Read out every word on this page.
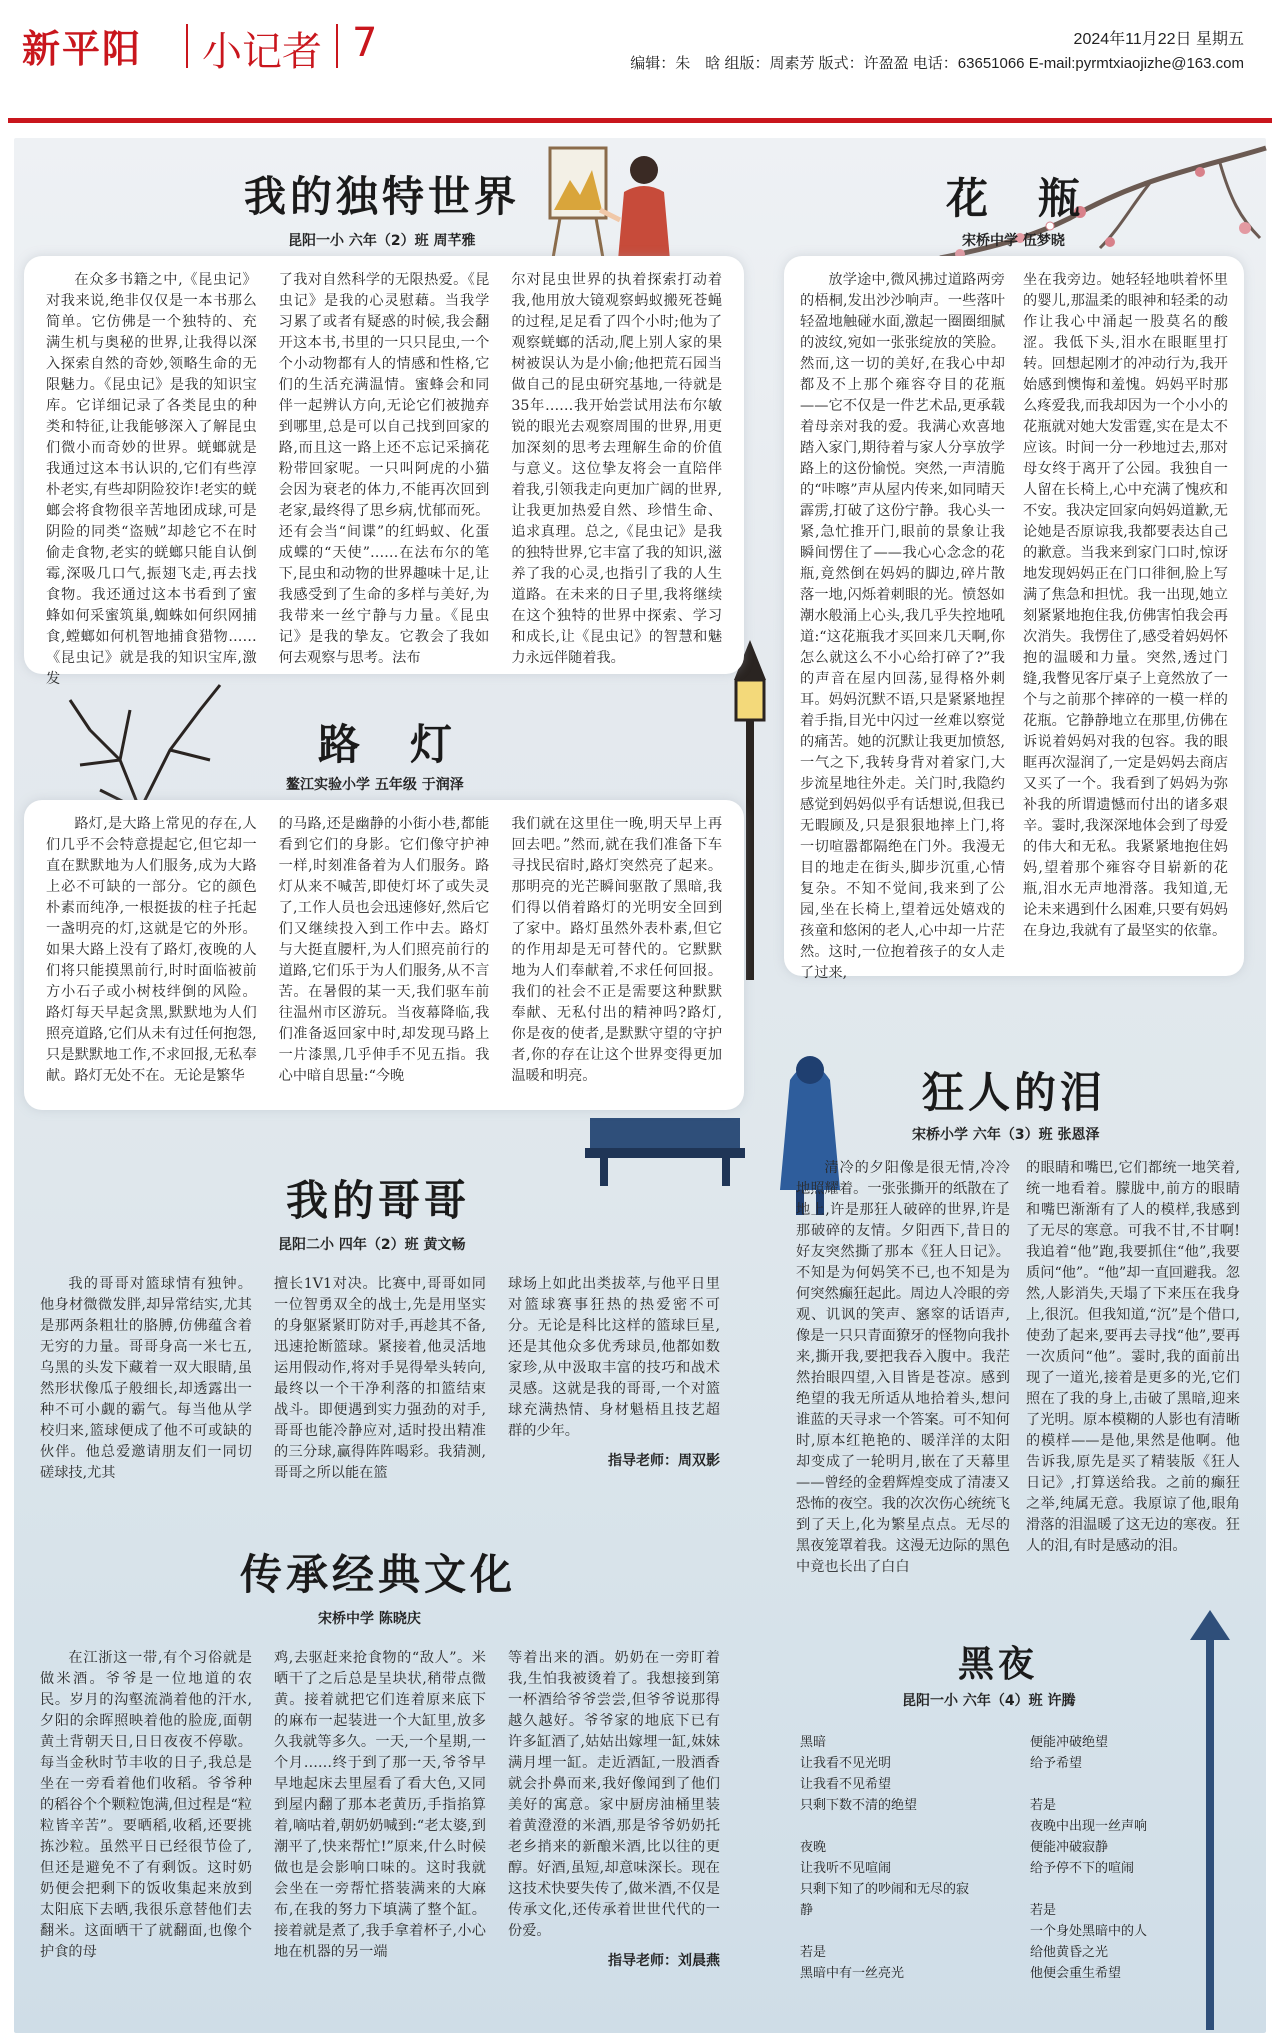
新平阳 小记者 7	2024年11月22日 星期五
编辑：朱　晗 组版：周素芳 版式：许盈盈 电话：63651066 E-mail:pyrmtxiaojizhe@163.com
我的独特世界
昆阳一小 六年（2）班 周芊雅
在众多书籍之中,《昆虫记》对我来说,绝非仅仅是一本书那么简单。它仿佛是一个独特的、充满生机与奥秘的世界,让我得以深入探索自然的奇妙,领略生命的无限魅力。《昆虫记》是我的知识宝库。它详细记录了各类昆虫的种类和特征,让我能够深入了解昆虫们微小而奇妙的世界。蜣螂就是我通过这本书认识的,它们有些淳朴老实,有些却阴险狡诈!老实的蜣螂会将食物很辛苦地团成球,可是阴险的同类“盗贼”却趁它不在时偷走食物,老实的蜣螂只能自认倒霉,深吸几口气,振翅飞走,再去找食物。我还通过这本书看到了蜜蜂如何采蜜筑巢,蜘蛛如何织网捕食,螳螂如何机智地捕食猎物……《昆虫记》就是我的知识宝库,激发
了我对自然科学的无限热爱。《昆虫记》是我的心灵慰藉。当我学习累了或者有疑惑的时候,我会翻开这本书,书里的一只只昆虫,一个个小动物都有人的情感和性格,它们的生活充满温情。蜜蜂会和同伴一起辨认方向,无论它们被抛弃到哪里,总是可以自己找到回家的路,而且这一路上还不忘记采摘花粉带回家呢。一只叫阿虎的小猫会因为衰老的体力,不能再次回到老家,最终得了思乡病,忧郁而死。还有会当“间谍”的红蚂蚁、化蛋成蝶的“天使”……在法布尔的笔下,昆虫和动物的世界趣味十足,让我感受到了生命的多样与美好,为我带来一丝宁静与力量。《昆虫记》是我的挚友。它教会了我如何去观察与思考。法布
尔对昆虫世界的执着探索打动着我,他用放大镜观察蚂蚁搬死苍蝇的过程,足足看了四个小时;他为了观察蜣螂的活动,爬上别人家的果树被误认为是小偷;他把荒石园当做自己的昆虫研究基地,一待就是35年……我开始尝试用法布尔敏锐的眼光去观察周围的世界,用更加深刻的思考去理解生命的价值与意义。这位挚友将会一直陪伴着我,引领我走向更加广阔的世界,让我更加热爱自然、珍惜生命、追求真理。总之,《昆虫记》是我的独特世界,它丰富了我的知识,滋养了我的心灵,也指引了我的人生道路。在未来的日子里,我将继续在这个独特的世界中探索、学习和成长,让《昆虫记》的智慧和魅力永远伴随着我。
花　瓶
宋桥中学 伍梦晓
放学途中,微风拂过道路两旁的梧桐,发出沙沙响声。一些落叶轻盈地触碰水面,激起一圈圈细腻的波纹,宛如一张张绽放的笑脸。然而,这一切的美好,在我心中却都及不上那个雍容夺目的花瓶——它不仅是一件艺术品,更承载着母亲对我的爱。我满心欢喜地踏入家门,期待着与家人分享放学路上的这份愉悦。突然,一声清脆的“咔嚓”声从屋内传来,如同晴天霹雳,打破了这份宁静。我心头一紧,急忙推开门,眼前的景象让我瞬间愣住了——我心心念念的花瓶,竟然倒在妈妈的脚边,碎片散落一地,闪烁着刺眼的光。愤怒如潮水般涌上心头,我几乎失控地吼道:“这花瓶我才买回来几天啊,你怎么就这么不小心给打碎了?”我的声音在屋内回荡,显得格外刺耳。妈妈沉默不语,只是紧紧地捏着手指,目光中闪过一丝难以察觉的痛苦。她的沉默让我更加愤怒,一气之下,我转身背对着家门,大步流星地往外走。关门时,我隐约感觉到妈妈似乎有话想说,但我已无暇顾及,只是狠狠地摔上门,将一切喧嚣都隔绝在门外。我漫无目的地走在街头,脚步沉重,心情复杂。不知不觉间,我来到了公园,坐在长椅上,望着远处嬉戏的孩童和悠闲的老人,心中却一片茫然。这时,一位抱着孩子的女人走了过来,
坐在我旁边。她轻轻地哄着怀里的婴儿,那温柔的眼神和轻柔的动作让我心中涌起一股莫名的酸涩。我低下头,泪水在眼眶里打转。回想起刚才的冲动行为,我开始感到懊悔和羞愧。妈妈平时那么疼爱我,而我却因为一个小小的花瓶就对她大发雷霆,实在是太不应该。时间一分一秒地过去,那对母女终于离开了公园。我独自一人留在长椅上,心中充满了愧疚和不安。我决定回家向妈妈道歉,无论她是否原谅我,我都要表达自己的歉意。当我来到家门口时,惊讶地发现妈妈正在门口徘徊,脸上写满了焦急和担忧。我一出现,她立刻紧紧地抱住我,仿佛害怕我会再次消失。我愣住了,感受着妈妈怀抱的温暖和力量。突然,透过门缝,我瞥见客厅桌子上竟然放了一个与之前那个摔碎的一模一样的花瓶。它静静地立在那里,仿佛在诉说着妈妈对我的包容。我的眼眶再次湿润了,一定是妈妈去商店又买了一个。我看到了妈妈为弥补我的所谓遗憾而付出的诸多艰辛。霎时,我深深地体会到了母爱的伟大和无私。我紧紧地抱住妈妈,望着那个雍容夺目崭新的花瓶,泪水无声地滑落。我知道,无论未来遇到什么困难,只要有妈妈在身边,我就有了最坚实的依靠。
路　灯
鳌江实验小学 五年级 于润泽
路灯,是大路上常见的存在,人们几乎不会特意提起它,但它却一直在默默地为人们服务,成为大路上必不可缺的一部分。它的颜色朴素而纯净,一根挺拔的柱子托起一盏明亮的灯,这就是它的外形。如果大路上没有了路灯,夜晚的人们将只能摸黑前行,时时面临被前方小石子或小树枝绊倒的风险。路灯每天早起贪黑,默默地为人们照亮道路,它们从未有过任何抱怨,只是默默地工作,不求回报,无私奉献。路灯无处不在。无论是繁华
的马路,还是幽静的小街小巷,都能看到它们的身影。它们像守护神一样,时刻准备着为人们服务。路灯从来不喊苦,即使灯坏了或失灵了,工作人员也会迅速修好,然后它们又继续投入到工作中去。路灯与大挺直腰杆,为人们照亮前行的道路,它们乐于为人们服务,从不言苦。在暑假的某一天,我们驱车前往温州市区游玩。当夜幕降临,我们准备返回家中时,却发现马路上一片漆黑,几乎伸手不见五指。我心中暗自思量:“今晚
我们就在这里住一晚,明天早上再回去吧。”然而,就在我们准备下车寻找民宿时,路灯突然亮了起来。那明亮的光芒瞬间驱散了黑暗,我们得以俏着路灯的光明安全回到了家中。路灯虽然外表朴素,但它的作用却是无可替代的。它默默地为人们奉献着,不求任何回报。我们的社会不正是需要这种默默奉献、无私付出的精神吗?路灯,你是夜的使者,是默默守望的守护者,你的存在让这个世界变得更加温暖和明亮。
我的哥哥
昆阳二小 四年（2）班 黄文畅
我的哥哥对篮球情有独钟。他身材微微发胖,却异常结实,尤其是那两条粗壮的胳膊,仿佛蕴含着无穷的力量。哥哥身高一米七五,乌黑的头发下藏着一双大眼睛,虽然形状像瓜子般细长,却透露出一种不可小觑的霸气。每当他从学校归来,篮球便成了他不可或缺的伙伴。他总爱邀请朋友们一同切磋球技,尤其
擅长1V1对决。比赛中,哥哥如同一位智勇双全的战士,先是用坚实的身躯紧紧盯防对手,再趁其不备,迅速抢断篮球。紧接着,他灵活地运用假动作,将对手晃得晕头转向,最终以一个干净利落的扣篮结束战斗。即便遇到实力强劲的对手,哥哥也能冷静应对,适时投出精准的三分球,赢得阵阵喝彩。我猜测,哥哥之所以能在篮
球场上如此出类拔萃,与他平日里对篮球赛事狂热的热爱密不可分。无论是科比这样的篮球巨星,还是其他众多优秀球员,他都如数家珍,从中汲取丰富的技巧和战术灵感。这就是我的哥哥,一个对篮球充满热情、身材魁梧且技艺超群的少年。
指导老师：周双影
狂人的泪
宋桥小学 六年（3）班 张恩泽
清冷的夕阳像是很无情,冷冷地照耀着。一张张撕开的纸散在了地上,许是那狂人破碎的世界,许是那破碎的友情。夕阳西下,昔日的好友突然撕了那本《狂人日记》。不知是为何妈笑不已,也不知是为何突然癫狂起此。周边人冷眼的旁观、讥讽的笑声、窸窣的话语声,像是一只只青面獠牙的怪物向我扑来,撕开我,要把我吞入腹中。我茫然抬眼四望,入目皆是苍凉。感到绝望的我无所适从地拾着头,想问谁蓝的天寻求一个答案。可不知何时,原本红艳艳的、暖洋洋的太阳却变成了一轮明月,嵌在了天幕里——曾经的金碧辉煌变成了清凄又恐怖的夜空。我的次次伤心统统飞到了天上,化为繁星点点。无尽的黑夜笼罩着我。这漫无边际的黑色中竟也长出了白白
的眼睛和嘴巴,它们都统一地笑着,统一地看着。朦胧中,前方的眼睛和嘴巴渐渐有了人的模样,我感到了无尽的寒意。可我不甘,不甘啊!我追着“他”跑,我要抓住“他”,我要质问“他”。“他”却一直回避我。忽然,人影消失,天塌了下来压在我身上,很沉。但我知道,“沉”是个借口,使劲了起来,要再去寻找“他”,要再一次质问“他”。霎时,我的面前出现了一道光,接着是更多的光,它们照在了我的身上,击破了黑暗,迎来了光明。原本模糊的人影也有清晰的模样——是他,果然是他啊。他告诉我,原先是买了精装版《狂人日记》,打算送给我。之前的癫狂之举,纯属无意。我原谅了他,眼角滑落的泪温暖了这无边的寒夜。狂人的泪,有时是感动的泪。
传承经典文化
宋桥中学 陈晓庆
在江浙这一带,有个习俗就是做米酒。爷爷是一位地道的农民。岁月的沟壑流淌着他的汗水,夕阳的余晖照映着他的脸庞,面朝黄土背朝天日,日日夜夜不停歇。每当金秋时节丰收的日子,我总是坐在一旁看着他们收稻。爷爷种的稻谷个个颗粒饱满,但过程是“粒粒皆辛苦”。要晒稻,收稻,还要挑拣沙粒。虽然平日已经很节俭了,但还是避免不了有剩饭。这时奶奶便会把剩下的饭收集起来放到太阳底下去晒,我很乐意替他们去翻米。这面晒干了就翻面,也像个护食的母
鸡,去驱赶来抢食物的“敌人”。米晒干了之后总是呈块状,稍带点微黄。接着就把它们连着原来底下的麻布一起装进一个大缸里,放多久我就等多久。一天,一个星期,一个月……终于到了那一天,爷爷早早地起床去里屋看了看大色,又同到屋内翻了那本老黄历,手指掐算着,嘀咕着,朝奶奶喊到:“老太婆,到潮平了,快来帮忙!”原来,什么时候做也是会影响口味的。这时我就会坐在一旁帮忙搭装满来的大麻布,在我的努力下填满了整个缸。接着就是煮了,我手拿着杯子,小心地在机器的另一端
等着出来的酒。奶奶在一旁盯着我,生怕我被烫着了。我想接到第一杯酒给爷爷尝尝,但爷爷说那得越久越好。爷爷家的地底下已有许多缸酒了,姑姑出嫁埋一缸,妹妹满月埋一缸。走近酒缸,一股酒香就会扑鼻而来,我好像闻到了他们美好的寓意。家中厨房油桶里装着黄澄澄的米酒,那是爷爷奶奶托老乡捎来的新酿米酒,比以往的更醇。好酒,虽短,却意味深长。现在这技术快要失传了,做米酒,不仅是传承文化,还传承着世世代代的一份爱。
指导老师：刘晨燕
黑夜
昆阳一小 六年（4）班 许腾

黑暗
让我看不见光明
让我看不见希望
只剩下数不清的绝望

夜晚
让我听不见喧闹
只剩下知了的吵闹和无尽的寂
静

若是
黑暗中有一丝亮光

便能冲破绝望
给予希望

若是
夜晚中出现一丝声响
便能冲破寂静
给予停不下的喧闹

若是
一个身处黑暗中的人
给他黄昏之光
他便会重生希望
